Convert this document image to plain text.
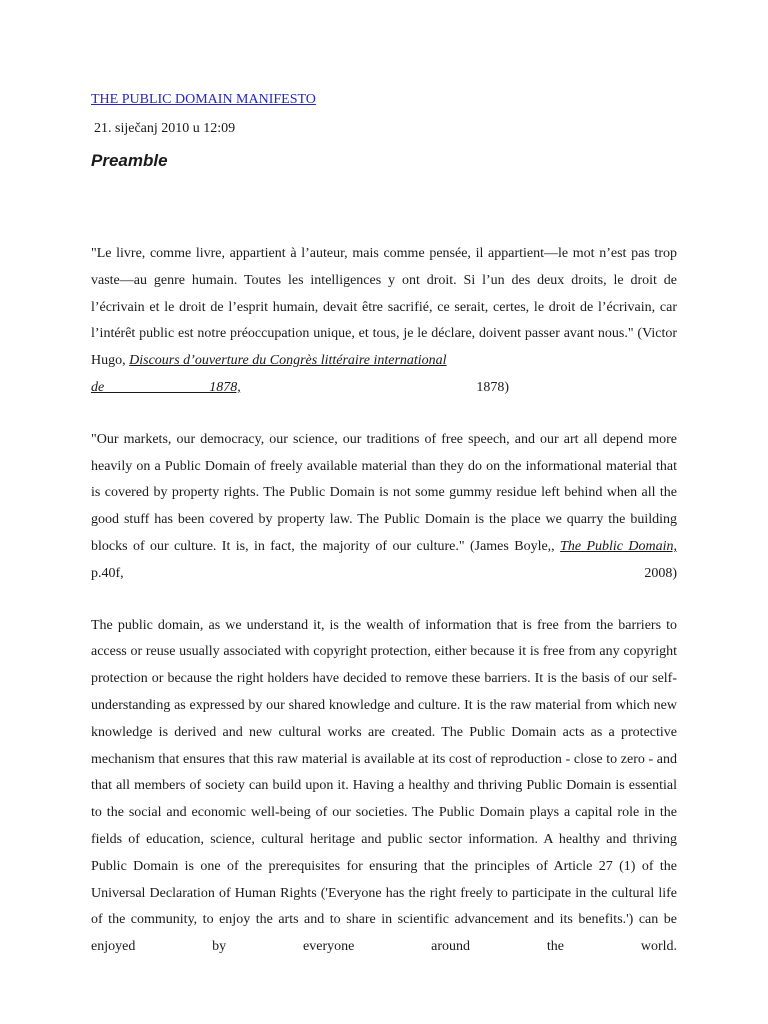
THE PUBLIC DOMAIN MANIFESTO
21. siječanj 2010 u 12:09
Preamble

"Le livre, comme livre, appartient à l’auteur, mais comme pensée, il appartient—le mot n’est pas trop vaste—au genre humain. Toutes les intelligences y ont droit. Si l’un des deux droits, le droit de l’écrivain et le droit de l’esprit humain, devait être sacrifié, ce serait, certes, le droit de l’écrivain, car l’intérêt public est notre préoccupation unique, et tous, je le déclare, doivent passer avant nous." (Victor Hugo, Discours d’ouverture du Congrès littéraire international

de                              1878,	1878)

"Our markets, our democracy, our science, our traditions of free speech, and our art all depend more heavily on a Public Domain of freely available material than they do on the informational material that is covered by property rights. The Public Domain is not some gummy residue left behind when all the good stuff has been covered by property law. The Public Domain is the place we quarry the building blocks of our culture. It is, in fact, the majority of our culture." (James Boyle,, The Public Domain, p.40f, 2008)

The public domain, as we understand it, is the wealth of information that is free from the barriers to access or reuse usually associated with copyright protection, either because it is free from any copyright protection or because the right holders have decided to remove these barriers. It is the basis of our self-understanding as expressed by our shared knowledge and culture. It is the raw material from which new knowledge is derived and new cultural works are created. The Public Domain acts as a protective mechanism that ensures that this raw material is available at its cost of reproduction - close to zero - and that all members of society can build upon it. Having a healthy and thriving Public Domain is essential to the social and economic well-being of our societies. The Public Domain plays a capital role in the fields of education, science, cultural heritage and public sector information. A healthy and thriving Public Domain is one of the prerequisites for ensuring that the principles of Article 27 (1) of the Universal Declaration of Human Rights ('Everyone has the right freely to participate in the cultural life of the community, to enjoy the arts and to share in scientific advancement and its benefits.') can be enjoyed by everyone around the world.
